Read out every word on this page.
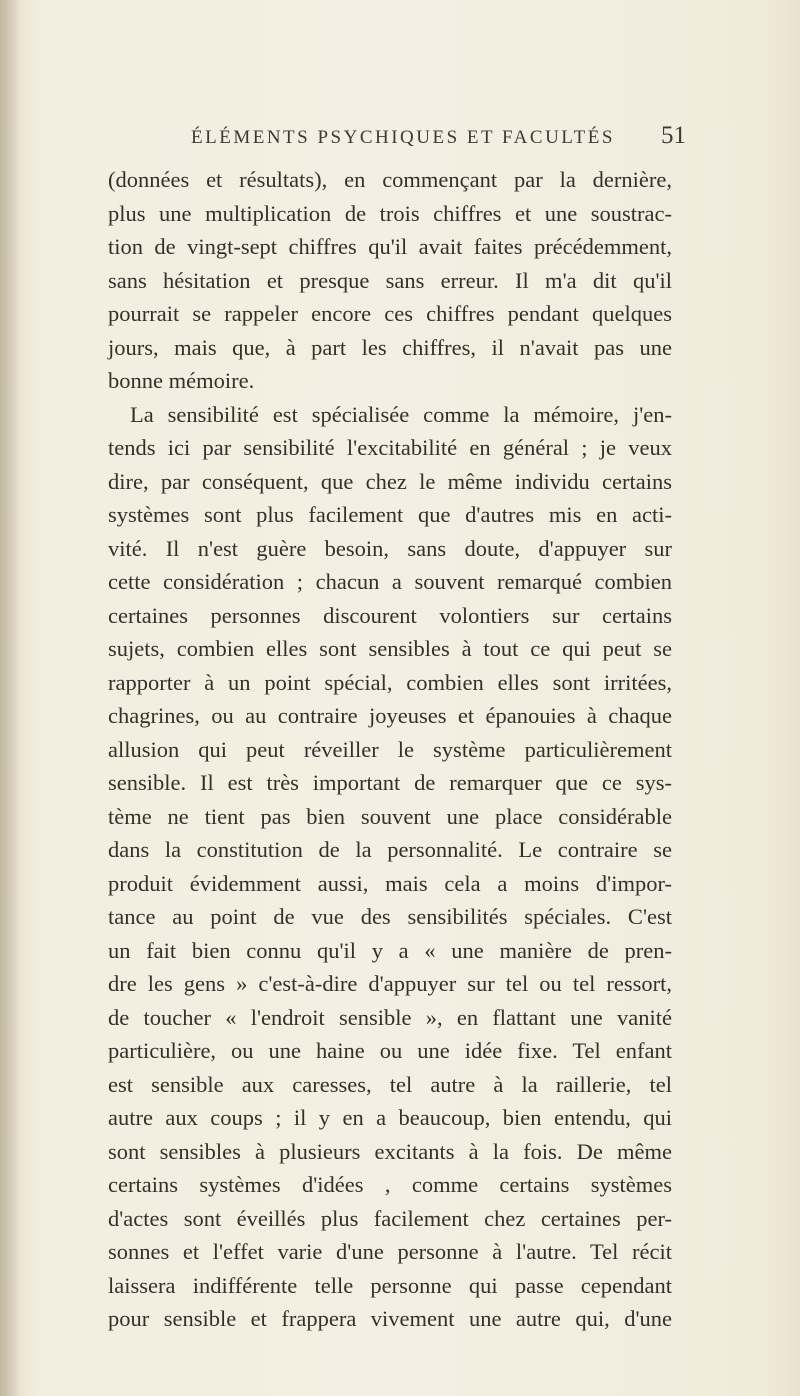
ÉLÉMENTS PSYCHIQUES ET FACULTÉS 51
(données et résultats), en commençant par la dernière,
plus une multiplication de trois chiffres et une soustrac-
tion de vingt-sept chiffres qu'il avait faites précédemment,
sans hésitation et presque sans erreur. Il m'a dit qu'il
pourrait se rappeler encore ces chiffres pendant quelques
jours, mais que, à part les chiffres, il n'avait pas une
bonne mémoire.
La sensibilité est spécialisée comme la mémoire, j'en-
tends ici par sensibilité l'excitabilité en général ; je veux
dire, par conséquent, que chez le même individu certains
systèmes sont plus facilement que d'autres mis en acti-
vité. Il n'est guère besoin, sans doute, d'appuyer sur
cette considération ; chacun a souvent remarqué combien
certaines personnes discourent volontiers sur certains
sujets, combien elles sont sensibles à tout ce qui peut se
rapporter à un point spécial, combien elles sont irritées,
chagrines, ou au contraire joyeuses et épanouies à chaque
allusion qui peut réveiller le système particulièrement
sensible. Il est très important de remarquer que ce sys-
tème ne tient pas bien souvent une place considérable
dans la constitution de la personnalité. Le contraire se
produit évidemment aussi, mais cela a moins d'impor-
tance au point de vue des sensibilités spéciales. C'est
un fait bien connu qu'il y a « une manière de pren-
dre les gens » c'est-à-dire d'appuyer sur tel ou tel ressort,
de toucher « l'endroit sensible », en flattant une vanité
particulière, ou une haine ou une idée fixe. Tel enfant
est sensible aux caresses, tel autre à la raillerie, tel
autre aux coups ; il y en a beaucoup, bien entendu, qui
sont sensibles à plusieurs excitants à la fois. De même
certains systèmes d'idées , comme certains systèmes
d'actes sont éveillés plus facilement chez certaines per-
sonnes et l'effet varie d'une personne à l'autre. Tel récit
laissera indifférente telle personne qui passe cependant
pour sensible et frappera vivement une autre qui, d'une
